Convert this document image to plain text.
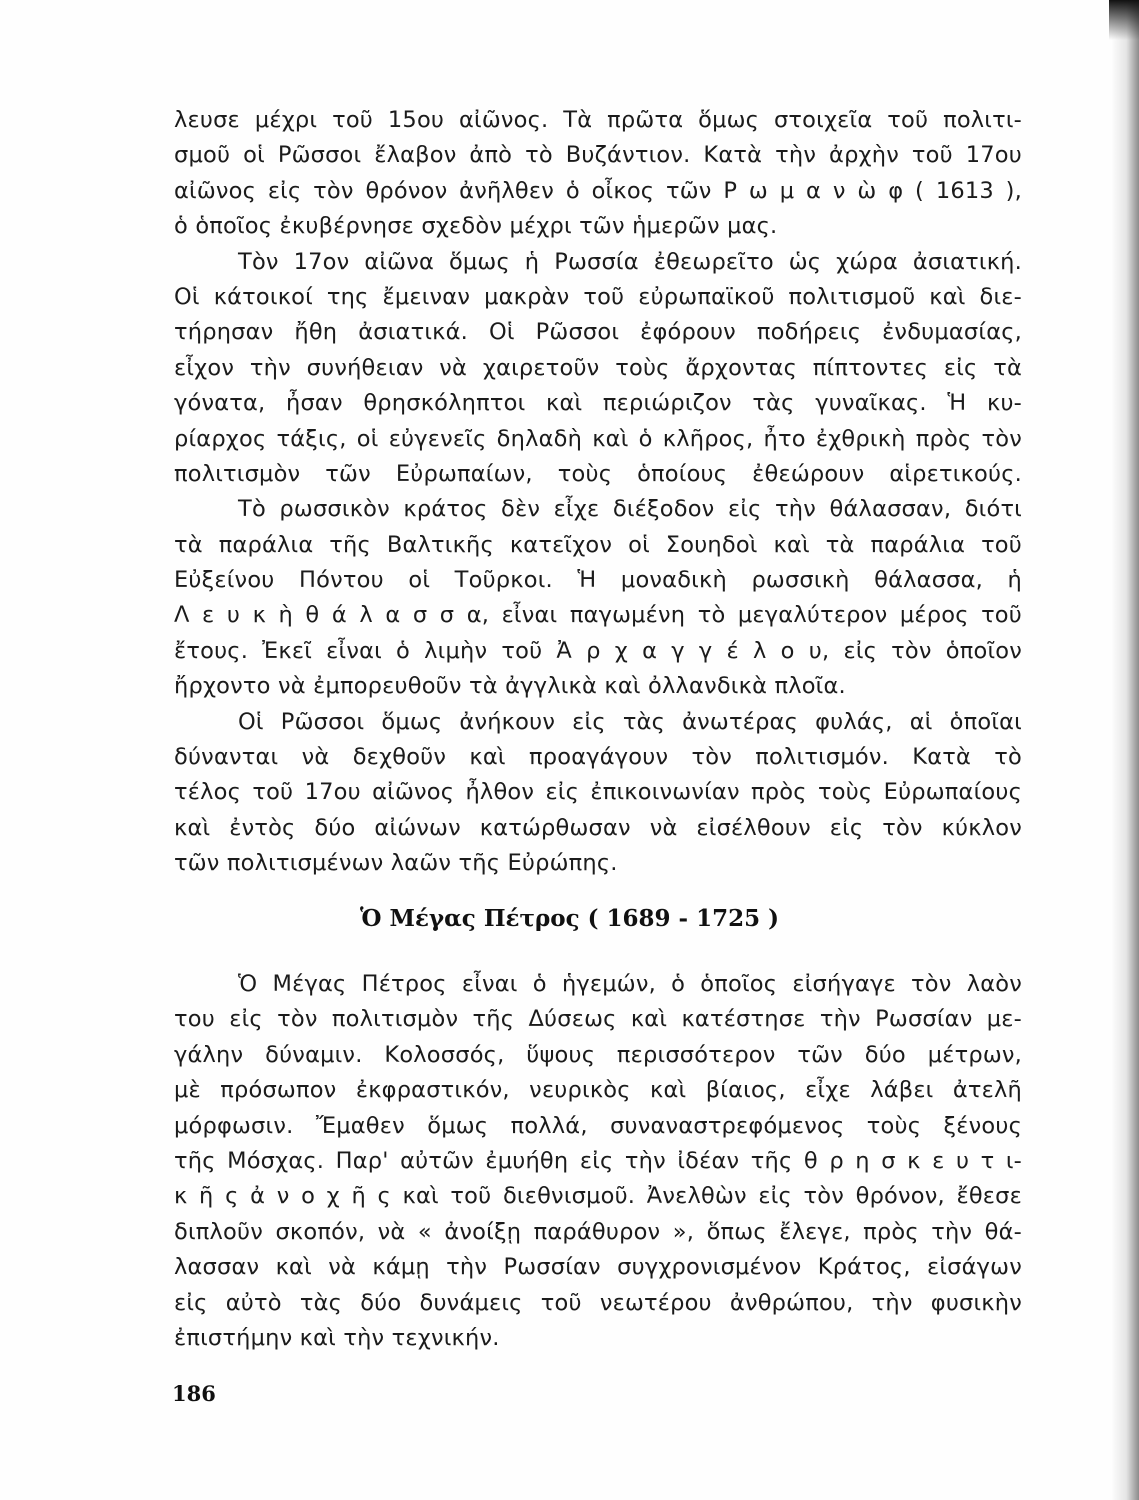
λευσε μέχρι τοῦ 15ου αἰῶνος. Τὰ πρῶτα ὅμως στοιχεῖα τοῦ πολιτι-
σμοῦ οἱ Ρῶσσοι ἔλαβον ἀπὸ τὸ Βυζάντιον. Κατὰ τὴν ἀρχὴν τοῦ 17ου
αἰῶνος εἰς τὸν θρόνον ἀνῆλθεν ὁ οἶκος τῶν Ρ ω μ α ν ὼ φ ( 1613 ),
ὁ ὁποῖος ἐκυβέρνησε σχεδὸν μέχρι τῶν ἡμερῶν μας.
Τὸν 17ον αἰῶνα ὅμως ἡ Ρωσσία ἐθεωρεῖτο ὡς χώρα ἀσιατική.
Οἱ κάτοικοί της ἔμειναν μακρὰν τοῦ εὐρωπαϊκοῦ πολιτισμοῦ καὶ διε-
τήρησαν ἤθη ἀσιατικά. Οἱ Ρῶσσοι ἐφόρουν ποδήρεις ἐνδυμασίας,
εἶχον τὴν συνήθειαν νὰ χαιρετοῦν τοὺς ἄρχοντας πίπτοντες εἰς τὰ
γόνατα, ἦσαν θρησκόληπτοι καὶ περιώριζον τὰς γυναῖκας. Ἡ κυ-
ρίαρχος τάξις, οἱ εὐγενεῖς δηλαδὴ καὶ ὁ κλῆρος, ἦτο ἐχθρικὴ πρὸς τὸν
πολιτισμὸν τῶν Εὐρωπαίων, τοὺς ὁποίους ἐθεώρουν αἱρετικούς.
Τὸ ρωσσικὸν κράτος δὲν εἶχε διέξοδον εἰς τὴν θάλασσαν, διότι
τὰ παράλια τῆς Βαλτικῆς κατεῖχον οἱ Σουηδοὶ καὶ τὰ παράλια τοῦ
Εὐξείνου Πόντου οἱ Τοῦρκοι. Ἡ μοναδικὴ ρωσσικὴ θάλασσα, ἡ
Λ ε υ κ ὴ θ ά λ α σ σ α, εἶναι παγωμένη τὸ μεγαλύτερον μέρος τοῦ
ἔτους. Ἐκεῖ εἶναι ὁ λιμὴν τοῦ Ἀ ρ χ α γ γ έ λ ο υ, εἰς τὸν ὁποῖον
ἤρχοντο νὰ ἐμπορευθοῦν τὰ ἀγγλικὰ καὶ ὀλλανδικὰ πλοῖα.
Οἱ Ρῶσσοι ὅμως ἀνήκουν εἰς τὰς ἀνωτέρας φυλάς, αἱ ὁποῖαι
δύνανται νὰ δεχθοῦν καὶ προαγάγουν τὸν πολιτισμόν. Κατὰ τὸ
τέλος τοῦ 17ου αἰῶνος ἦλθον εἰς ἐπικοινωνίαν πρὸς τοὺς Εὐρωπαίους
καὶ ἐντὸς δύο αἰώνων κατώρθωσαν νὰ εἰσέλθουν εἰς τὸν κύκλον
τῶν πολιτισμένων λαῶν τῆς Εὐρώπης.
Ὁ Μέγας Πέτρος ( 1689 - 1725 )
Ὁ Μέγας Πέτρος εἶναι ὁ ἡγεμών, ὁ ὁποῖος εἰσήγαγε τὸν λαὸν
του εἰς τὸν πολιτισμὸν τῆς Δύσεως καὶ κατέστησε τὴν Ρωσσίαν με-
γάλην δύναμιν. Κολοσσός, ὕψους περισσότερον τῶν δύο μέτρων,
μὲ πρόσωπον ἐκφραστικόν, νευρικὸς καὶ βίαιος, εἶχε λάβει ἀτελῆ
μόρφωσιν. Ἔμαθεν ὅμως πολλά, συναναστρεφόμενος τοὺς ξένους
τῆς Μόσχας. Παρ' αὐτῶν ἐμυήθη εἰς τὴν ἰδέαν τῆς θ ρ η σ κ ε υ τ ι-
κ ῆ ς ἀ ν ο χ ῆ ς καὶ τοῦ διεθνισμοῦ. Ἀνελθὼν εἰς τὸν θρόνον, ἔθεσε
διπλοῦν σκοπόν, νὰ « ἀνοίξῃ παράθυρον », ὅπως ἔλεγε, πρὸς τὴν θά-
λασσαν καὶ νὰ κάμῃ τὴν Ρωσσίαν συγχρονισμένον Κράτος, εἰσάγων
εἰς αὐτὸ τὰς δύο δυνάμεις τοῦ νεωτέρου ἀνθρώπου, τὴν φυσικὴν
ἐπιστήμην καὶ τὴν τεχνικήν.
186
